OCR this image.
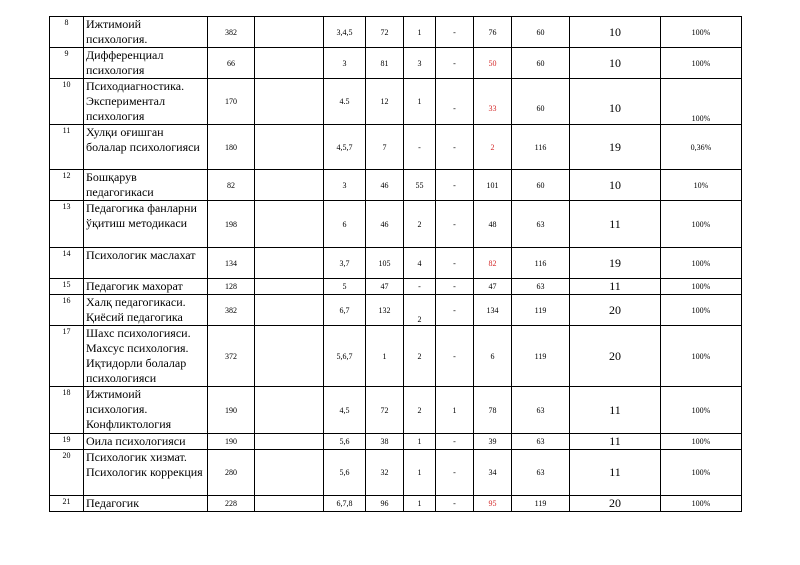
8	Ижтимоий психология.	382		3,4,5	72	1	-	76	60	10	100%
9	Дифференциал психология	66		3	81	3	-	50	60	10	100%
10	Психодиагностика. Экспериментал психология	170		4.5	12	1	-	33	60	10	100%
11	Хулқи оғишган болалар психологияси	180		4,5,7	7	-	-	2	116	19	0,36%
12	Бошқарув педагогикаси	82		3	46	55	-	101	60	10	10%
13	Педагогика фанларни ўқитиш методикаси	198		6	46	2	-	48	63	11	100%
14	Психологик маслахат	134		3,7	105	4	-	82	116	19	100%
15	Педагогик махорат	128		5	47	-	-	47	63	11	100%
16	Халқ педагогикаси. Қиёсий педагогика	382		6,7	132	2	-	134	119	20	100%
17	Шахс психологияси. Махсус психология. Иқтидорли болалар психологияси	372		5,6,7	1	2	-	6	119	20	100%
18	Ижтимоий психология. Конфликтология	190		4,5	72	2	1	78	63	11	100%
19	Оила психологияси	190		5,6	38	1	-	39	63	11	100%
20	Психологик хизмат. Психологик коррекция	280		5,6	32	1	-	34	63	11	100%
21	Педагогик	228		6,7,8	96	1	-	95	119	20	100%
